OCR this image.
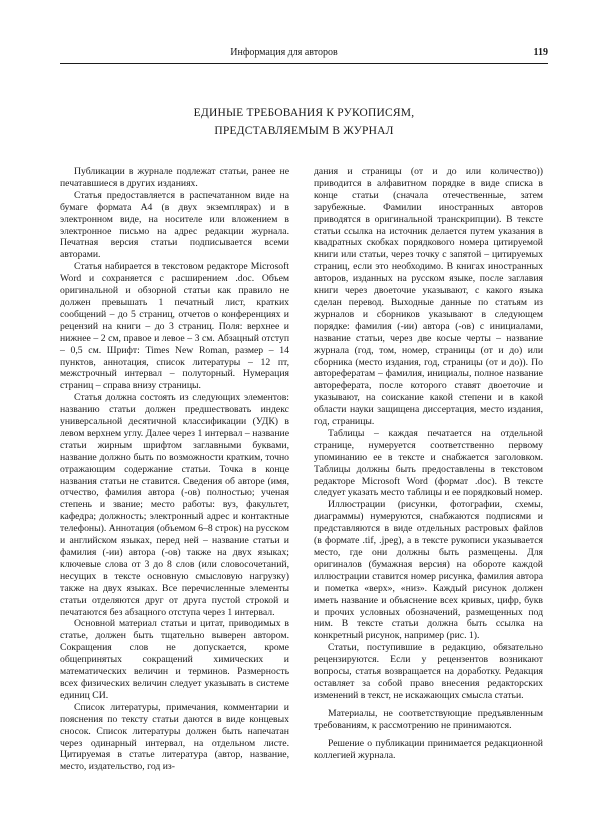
Информация для авторов	119
ЕДИНЫЕ ТРЕБОВАНИЯ К РУКОПИСЯМ,
ПРЕДСТАВЛЯЕМЫМ В ЖУРНАЛ

Публикации в журнале подлежат статьи, ранее не печатавшиеся в других изданиях.

Статья предоставляется в распечатанном виде на бумаге формата А4 (в двух экземплярах) и в электронном виде, на носителе или вложением в электронное письмо на адрес редакции журнала. Печатная версия статьи подписывается всеми авторами.

Статья набирается в текстовом редакторе Microsoft Word и сохраняется с расширением .doc. Объем оригинальной и обзорной статьи как правило не должен превышать 1 печатный лист, кратких сообщений – до 5 страниц, отчетов о конференциях и рецензий на книги – до 3 страниц. Поля: верхнее и нижнее – 2 см, правое и левое – 3 см. Абзацный отступ – 0,5 см. Шрифт: Times New Roman, размер – 14 пунктов, аннотация, список литературы – 12 пт, межстрочный интервал – полуторный. Нумерация страниц – справа внизу страницы.

Статья должна состоять из следующих элементов: названию статьи должен предшествовать индекс универсальной десятичной классификации (УДК) в левом верхнем углу. Далее через 1 интервал – название статьи жирным шрифтом заглавными буквами, название должно быть по возможности кратким, точно отражающим содержание статьи. Точка в конце названия статьи не ставится. Сведения об авторе (имя, отчество, фамилия автора (-ов) полностью; ученая степень и звание; место работы: вуз, факультет, кафедра; должность; электронный адрес и контактные телефоны). Аннотация (объемом 6–8 строк) на русском и английском языках, перед ней – название статьи и фамилия (-ии) автора (-ов) также на двух языках; ключевые слова от 3 до 8 слов (или словосочетаний, несущих в тексте основную смысловую нагрузку) также на двух языках. Все перечисленные элементы статьи отделяются друг от друга пустой строкой и печатаются без абзацного отступа через 1 интервал.

Основной материал статьи и цитат, приводимых в статье, должен быть тщательно выверен автором. Сокращения слов не допускается, кроме общепринятых сокращений химических и математических величин и терминов. Размерность всех физических величин следует указывать в системе единиц СИ.

Список литературы, примечания, комментарии и пояснения по тексту статьи даются в виде концевых сносок. Список литературы должен быть напечатан через одинарный интервал, на отдельном листе. Цитируемая в статье литература (автор, название, место, издательство, год из-

дания и страницы (от и до или количество)) приводится в алфавитном порядке в виде списка в конце статьи (сначала отечественные, затем зарубежные. Фамилии иностранных авторов приводятся в оригинальной транскрипции). В тексте статьи ссылка на источник делается путем указания в квадратных скобках порядкового номера цитируемой книги или статьи, через точку с запятой – цитируемых страниц, если это необходимо. В книгах иностранных авторов, изданных на русском языке, после заглавия книги через двоеточие указывают, с какого языка сделан перевод. Выходные данные по статьям из журналов и сборников указывают в следующем порядке: фамилия (-ии) автора (-ов) с инициалами, название статьи, через две косые черты – название журнала (год, том, номер, страницы (от и до) или сборника (место издания, год, страницы (от и до)). По авторефератам – фамилия, инициалы, полное название автореферата, после которого ставят двоеточие и указывают, на соискание какой степени и в какой области науки защищена диссертация, место издания, год, страницы.

Таблицы – каждая печатается на отдельной странице, нумеруется соответственно первому упоминанию ее в тексте и снабжается заголовком. Таблицы должны быть предоставлены в текстовом редакторе Microsoft Word (формат .doc). В тексте следует указать место таблицы и ее порядковый номер.

Иллюстрации (рисунки, фотографии, схемы, диаграммы) нумеруются, снабжаются подписями и представляются в виде отдельных растровых файлов (в формате .tif, .jpeg), а в тексте рукописи указывается место, где они должны быть размещены. Для оригиналов (бумажная версия) на обороте каждой иллюстрации ставится номер рисунка, фамилия автора и пометка «верх», «низ». Каждый рисунок должен иметь название и объяснение всех кривых, цифр, букв и прочих условных обозначений, размещенных под ним. В тексте статьи должна быть ссылка на конкретный рисунок, например (рис. 1).

Статьи, поступившие в редакцию, обязательно рецензируются. Если у рецензентов возникают вопросы, статья возвращается на доработку. Редакция оставляет за собой право внесения редакторских изменений в текст, не искажающих смысла статьи.

Материалы, не соответствующие предъявленным требованиям, к рассмотрению не принимаются.

Решение о публикации принимается редакционной коллегией журнала.
